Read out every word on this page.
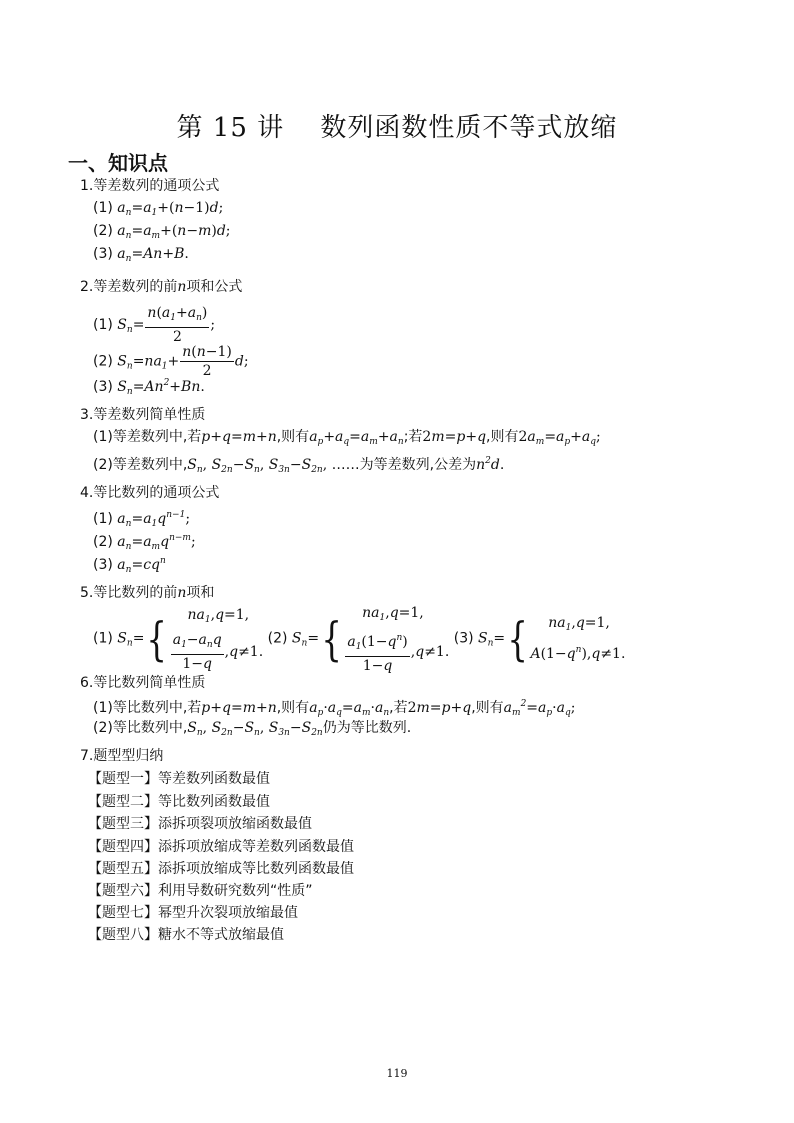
第 15 讲　 数列函数性质不等式放缩
一、知识点
1.等差数列的通项公式
(1) $a_n=a_1+(n-1)d$;
(2) $a_n=a_m+(n-m)d$;
(3) $a_n=An+B$.
2.等差数列的前n项和公式
(1) $S_n= \frac{n(a_1+a_n)}{2}$ ;
(2) $S_n=na_1+ \frac{n(n-1)}{2} d$;
(3) $S_n=An^2+Bn$.
3.等差数列简单性质
(1)等差数列中,若p+q=m+n,则有$a_p+a_q=a_m+a_n$;若2m=p+q,则有$2a_m=a_p+a_q$;
(2)等差数列中$,S_n$, $S_{2n}-S_n$, $S_{3n}-S_{2n}$, ……为等差数列,公差为$n^2d$.
4.等比数列的通项公式
(1) $a_n=a_1q^{n-1}$;
(2) $a_n=a_mq^{n-m}$;
(3) $a_n=cq^n$
5.等比数列的前n项和
(1) $S_n=${	$na_1,q=1$,
$\frac{a_1-a_nq}{1-q} ,q\ne 1$.
(2) $S_n=${	$na_1,q=1$,
$\frac{a_1(1-q^n)}{1-q} ,q\ne 1$.
(3) $S_n=${	$na_1,q=1$,
$A(1-q^n),q\ne 1$.
6.等比数列简单性质
(1)等比数列中,若p+q=m+n,则有$a_p\cdot a_q=a_m\cdot a_n$,若2m=p+q,则有$a_m^2=a_p\cdot a_q$;
(2)等比数列中$,S_n$, $S_{2n}-S_n$, $S_{3n}-S_{2n}$仍为等比数列.
7.题型型归纳
【题型一】等差数列函数最值
【题型二】等比数列函数最值
【题型三】添拆项裂项放缩函数最值
【题型四】添拆项放缩成等差数列函数最值
【题型五】添拆项放缩成等比数列函数最值
【题型六】利用导数研究数列“性质”
【题型七】幂型升次裂项放缩最值
【题型八】糖水不等式放缩最值
119
